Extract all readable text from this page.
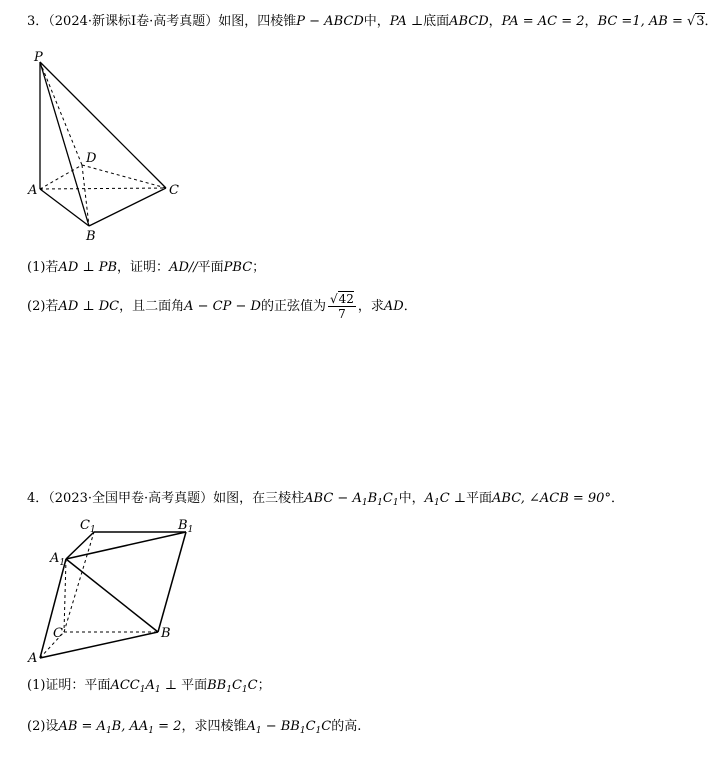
3．（2024·新课标Ⅰ卷·高考真题）如图，四棱锥P − ABCD中，PA ⊥底面ABCD，PA = AC = 2，BC =1, AB = √3．
P
D
A	C
B
(1)若AD ⊥ PB，证明：AD//平面PBC；
(2)若AD ⊥ DC，且二面角A − CP − D的正弦值为 $\frac{√42}{7}$ ，求AD．
4．（2023·全国甲卷·高考真题）如图，在三棱柱ABC − $A_1B_1C_1$中，$A_1C$ ⊥平面ABC, ∠ACB = 90°．
$C_1$	$B_1$
$A_1$
C	B
A
(1)证明：平面$ACC_1A_1$ ⊥ 平面$BB_1C_1C$；
(2)设AB = $A_1B$, $AA_1 = 2$，求四棱锥$A_1 - BB_1C_1C$的高.
